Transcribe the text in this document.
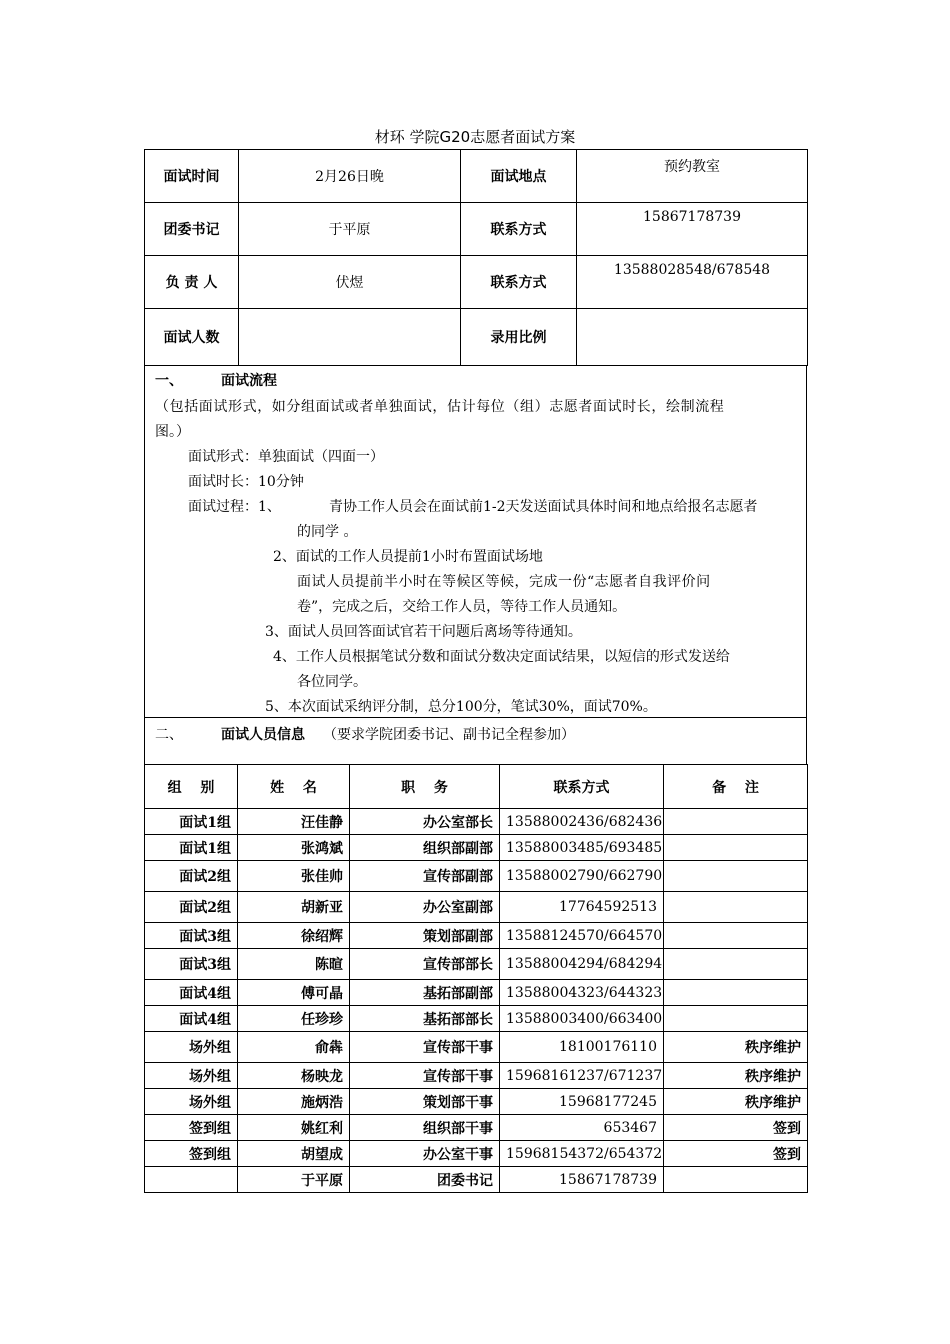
材环 学院G20志愿者面试方案
面试时间	2月26日晚	面试地点	预约教室
团委书记	于平原	联系方式	15867178739
负 责 人	伏煜	联系方式	13588028548/678548
面试人数		录用比例	
一、	面试流程
（包括面试形式，如分组面试或者单独面试，估计每位（组）志愿者面试时长，绘制流程
图。）
面试形式：单独面试（四面一）
面试时长：10分钟
面试过程：1、	青协工作人员会在面试前1-2天发送面试具体时间和地点给报名志愿者
的同学 。
2、面试的工作人员提前1小时布置面试场地
面试人员提前半小时在等候区等候，完成一份“志愿者自我评价问
卷”，完成之后，交给工作人员，等待工作人员通知。
3、面试人员回答面试官若干问题后离场等待通知。
4、工作人员根据笔试分数和面试分数决定面试结果，以短信的形式发送给
各位同学。
5、本次面试采纳评分制，总分100分，笔试30%，面试70%。
二、	面试人员信息 （要求学院团委书记、副书记全程参加）
组　 别	姓　 名	职　 务	联系方式	备　 注
面试1组	汪佳静	办公室部长	13588002436/682436	
面试1组	张鸿斌	组织部副部	13588003485/693485	
面试2组	张佳帅	宣传部副部	13588002790/662790	
面试2组	胡新亚	办公室副部	17764592513	
面试3组	徐绍辉	策划部副部	13588124570/664570	
面试3组	陈暄	宣传部部长	13588004294/684294	
面试4组	傅可晶	基拓部副部	13588004323/644323	
面试4组	任珍珍	基拓部部长	13588003400/663400	
场外组	俞犇	宣传部干事	18100176110	秩序维护
场外组	杨映龙	宣传部干事	15968161237/671237	秩序维护
场外组	施炳浩	策划部干事	15968177245	秩序维护
签到组	姚红利	组织部干事	653467	签到
签到组	胡望成	办公室干事	15968154372/654372	签到
	于平原	团委书记	15867178739	
